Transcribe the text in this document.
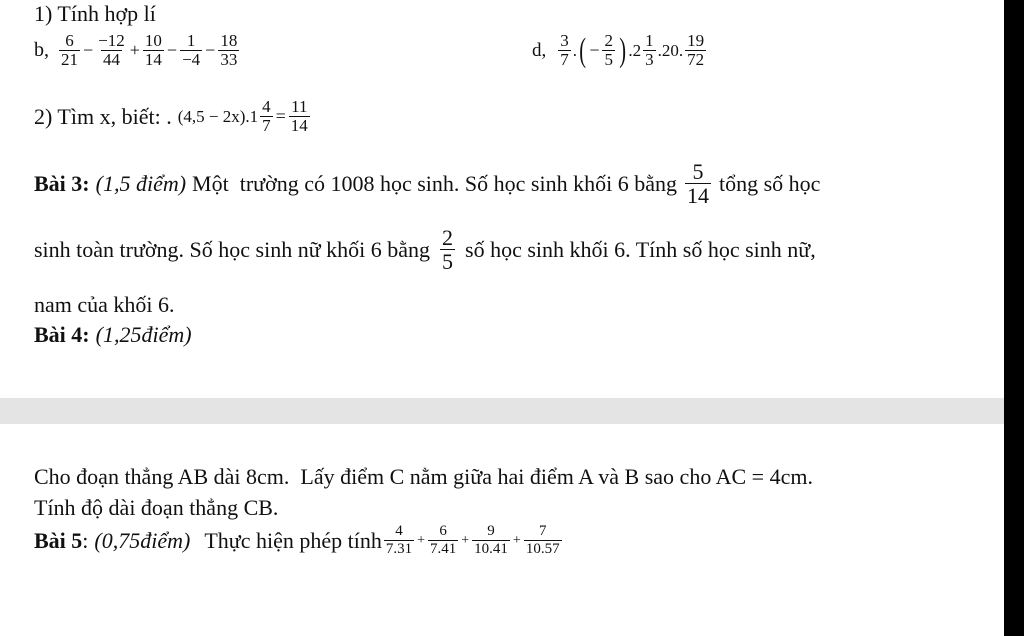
1) Tính hợp lí
b, $\frac{6}{21} - \frac{-12}{44} + \frac{10}{14} - \frac{1}{-4} - \frac{18}{33}$	d, $\frac{3}{7}$ . ( − $\frac{2}{5}$ ) $.2 \frac{1}{3} .20$. $\frac{19}{72}$
2) Tìm x, biết: . $(4,5 - 2x).1 \frac{4}{7} = \frac{11}{14}$
Bài 3: (1,5 điểm) Một  trường có 1008 học sinh. Số học sinh khối 6 bằng $\frac{5}{14}$ tổng số học
sinh toàn trường. Số học sinh nữ khối 6 bằng $\frac{2}{5}$ số học sinh khối 6. Tính số học sinh nữ,
nam của khối 6.
Bài 4: (1,25điểm)
Cho đoạn thẳng AB dài 8cm.  Lấy điểm C nằm giữa hai điểm A và B sao cho AC = 4cm.
Tính độ dài đoạn thẳng CB.
Bài 5 : (0,75điểm) Thực hiện phép tính $\frac{4}{7.31} + \frac{6}{7.41} + \frac{9}{10.41} + \frac{7}{10.57}$
